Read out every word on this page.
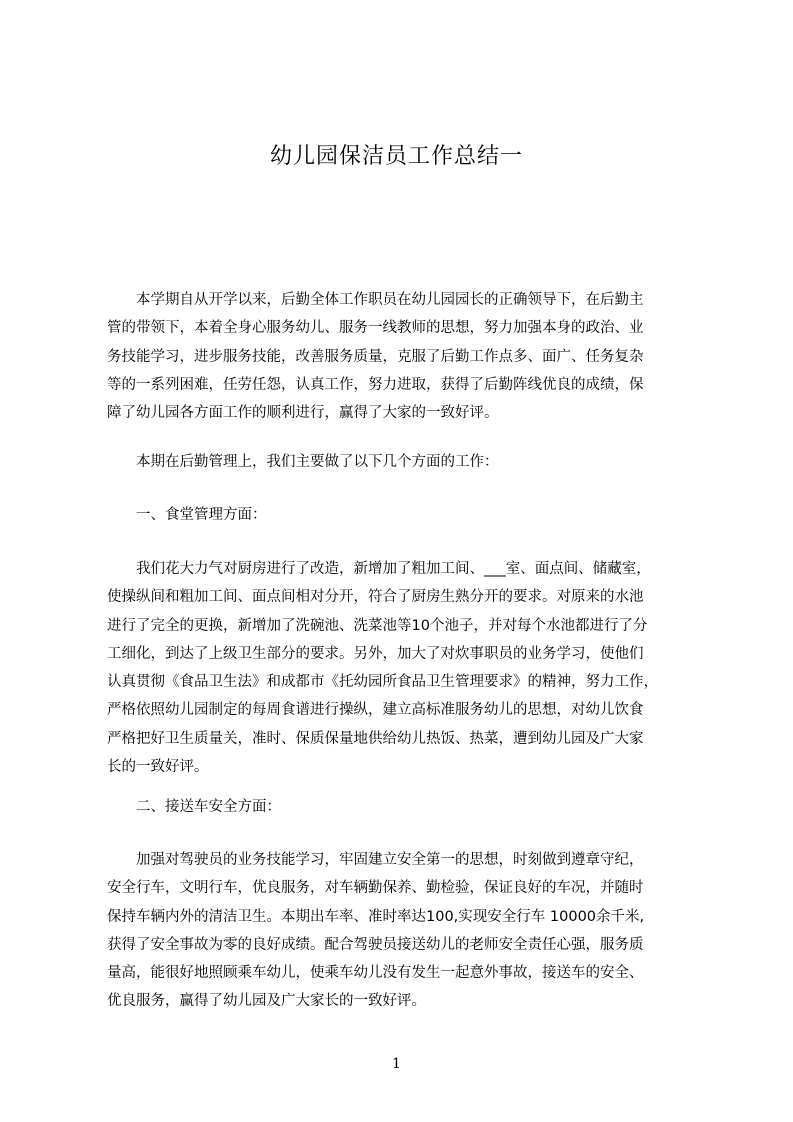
幼儿园保洁员工作总结一
本学期自从开学以来，后勤全体工作职员在幼儿园园长的正确领导下，在后勤主
管的带领下，本着全身心服务幼儿、服务一线教师的思想，努力加强本身的政治、业
务技能学习，进步服务技能，改善服务质量，克服了后勤工作点多、面广、任务复杂
等的一系列困难，任劳任怨，认真工作，努力进取，获得了后勤阵线优良的成绩，保
障了幼儿园各方面工作的顺利进行，赢得了大家的一致好评。
本期在后勤管理上，我们主要做了以下几个方面的工作：
一、食堂管理方面：
我们花大力气对厨房进行了改造，新增加了粗加工间、___室、面点间、储藏室，
使操纵间和粗加工间、面点间相对分开，符合了厨房生熟分开的要求。对原来的水池
进行了完全的更换，新增加了洗碗池、洗菜池等10个池子，并对每个水池都进行了分
工细化，到达了上级卫生部分的要求。另外，加大了对炊事职员的业务学习，使他们
认真贯彻《食品卫生法》和成都市《托幼园所食品卫生管理要求》的精神，努力工作，
严格依照幼儿园制定的每周食谱进行操纵，建立高标准服务幼儿的思想，对幼儿饮食
严格把好卫生质量关，准时、保质保量地供给幼儿热饭、热菜，遭到幼儿园及广大家
长的一致好评。
二、接送车安全方面：
加强对驾驶员的业务技能学习，牢固建立安全第一的思想，时刻做到遵章守纪，
安全行车，文明行车，优良服务，对车辆勤保养、勤检验，保证良好的车况，并随时
保持车辆内外的清洁卫生。本期出车率、准时率达100,实现安全行车 10000余千米,
获得了安全事故为零的良好成绩。配合驾驶员接送幼儿的老师安全责任心强，服务质
量高，能很好地照顾乘车幼儿，使乘车幼儿没有发生一起意外事故，接送车的安全、
优良服务，赢得了幼儿园及广大家长的一致好评。
1
